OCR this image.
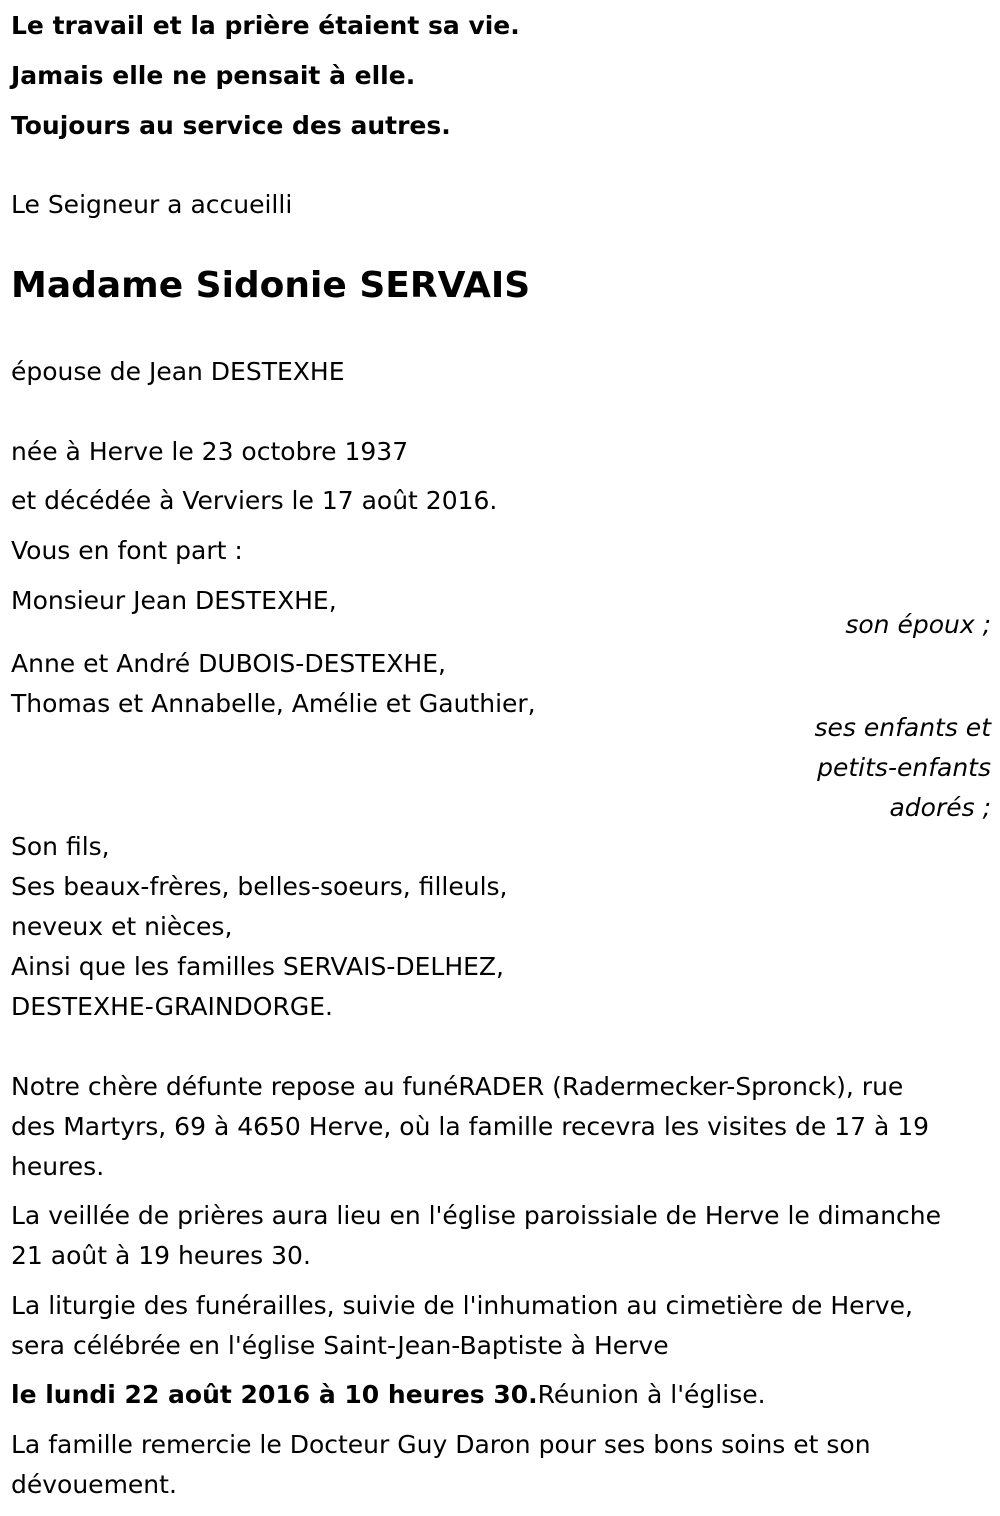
Le travail et la prière étaient sa vie.
Jamais elle ne pensait à elle.
Toujours au service des autres.
Le Seigneur a accueilli
Madame Sidonie SERVAIS
épouse de Jean DESTEXHE
née à Herve le 23 octobre 1937
et décédée à Verviers le 17 août 2016.
Vous en font part :
Monsieur Jean DESTEXHE,
son époux ;
Anne et André DUBOIS-DESTEXHE,
Thomas et Annabelle, Amélie et Gauthier,
ses enfants et
petits-enfants
adorés ;
Son fils,
Ses beaux-frères, belles-soeurs, filleuls,
neveux et nièces,
Ainsi que les familles SERVAIS-DELHEZ,
DESTEXHE-GRAINDORGE.
Notre chère défunte repose au funéRADER (Radermecker-Spronck), rue
des Martyrs, 69 à 4650 Herve, où la famille recevra les visites de 17 à 19
heures.
La veillée de prières aura lieu en l'église paroissiale de Herve le dimanche
21 août à 19 heures 30.
La liturgie des funérailles, suivie de l'inhumation au cimetière de Herve,
sera célébrée en l'église Saint-Jean-Baptiste à Herve
le lundi 22 août 2016 à 10 heures 30.Réunion à l'église.
La famille remercie le Docteur Guy Daron pour ses bons soins et son
dévouement.
